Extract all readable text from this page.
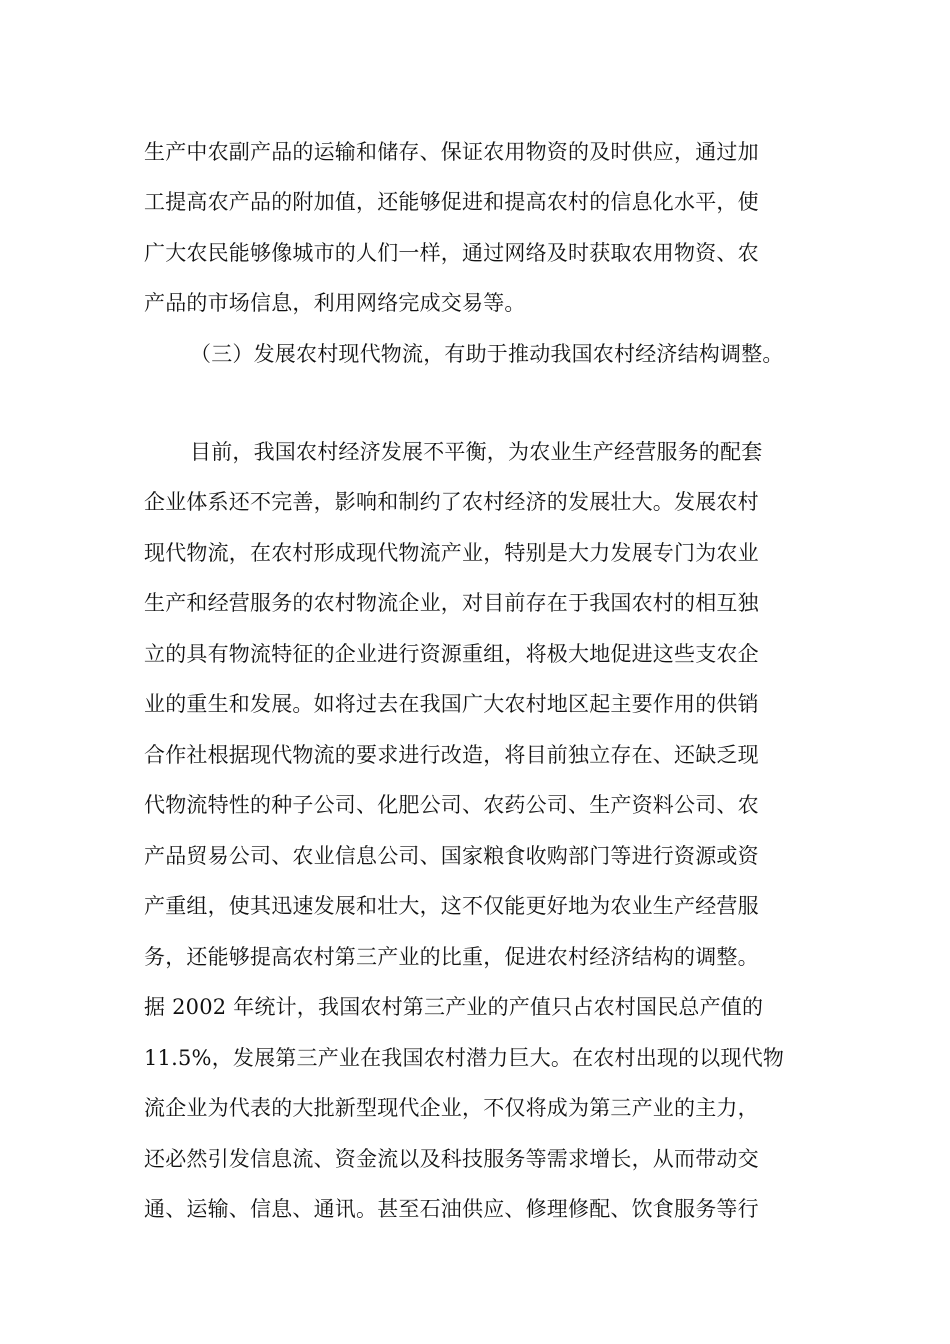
生产中农副产品的运输和储存、保证农用物资的及时供应，通过加
工提高农产品的附加值，还能够促进和提高农村的信息化水平，使
广大农民能够像城市的人们一样，通过网络及时获取农用物资、农
产品的市场信息，利用网络完成交易等。
（三）发展农村现代物流，有助于推动我国农村经济结构调整。
目前，我国农村经济发展不平衡，为农业生产经营服务的配套
企业体系还不完善，影响和制约了农村经济的发展壮大。发展农村
现代物流，在农村形成现代物流产业，特别是大力发展专门为农业
生产和经营服务的农村物流企业，对目前存在于我国农村的相互独
立的具有物流特征的企业进行资源重组，将极大地促进这些支农企
业的重生和发展。如将过去在我国广大农村地区起主要作用的供销
合作社根据现代物流的要求进行改造，将目前独立存在、还缺乏现
代物流特性的种子公司、化肥公司、农药公司、生产资料公司、农
产品贸易公司、农业信息公司、国家粮食收购部门等进行资源或资
产重组，使其迅速发展和壮大，这不仅能更好地为农业生产经营服
务，还能够提高农村第三产业的比重，促进农村经济结构的调整。
据 2002 年统计，我国农村第三产业的产值只占农村国民总产值的
11.5%，发展第三产业在我国农村潜力巨大。在农村出现的以现代物
流企业为代表的大批新型现代企业，不仅将成为第三产业的主力，
还必然引发信息流、资金流以及科技服务等需求增长，从而带动交
通、运输、信息、通讯。甚至石油供应、修理修配、饮食服务等行
